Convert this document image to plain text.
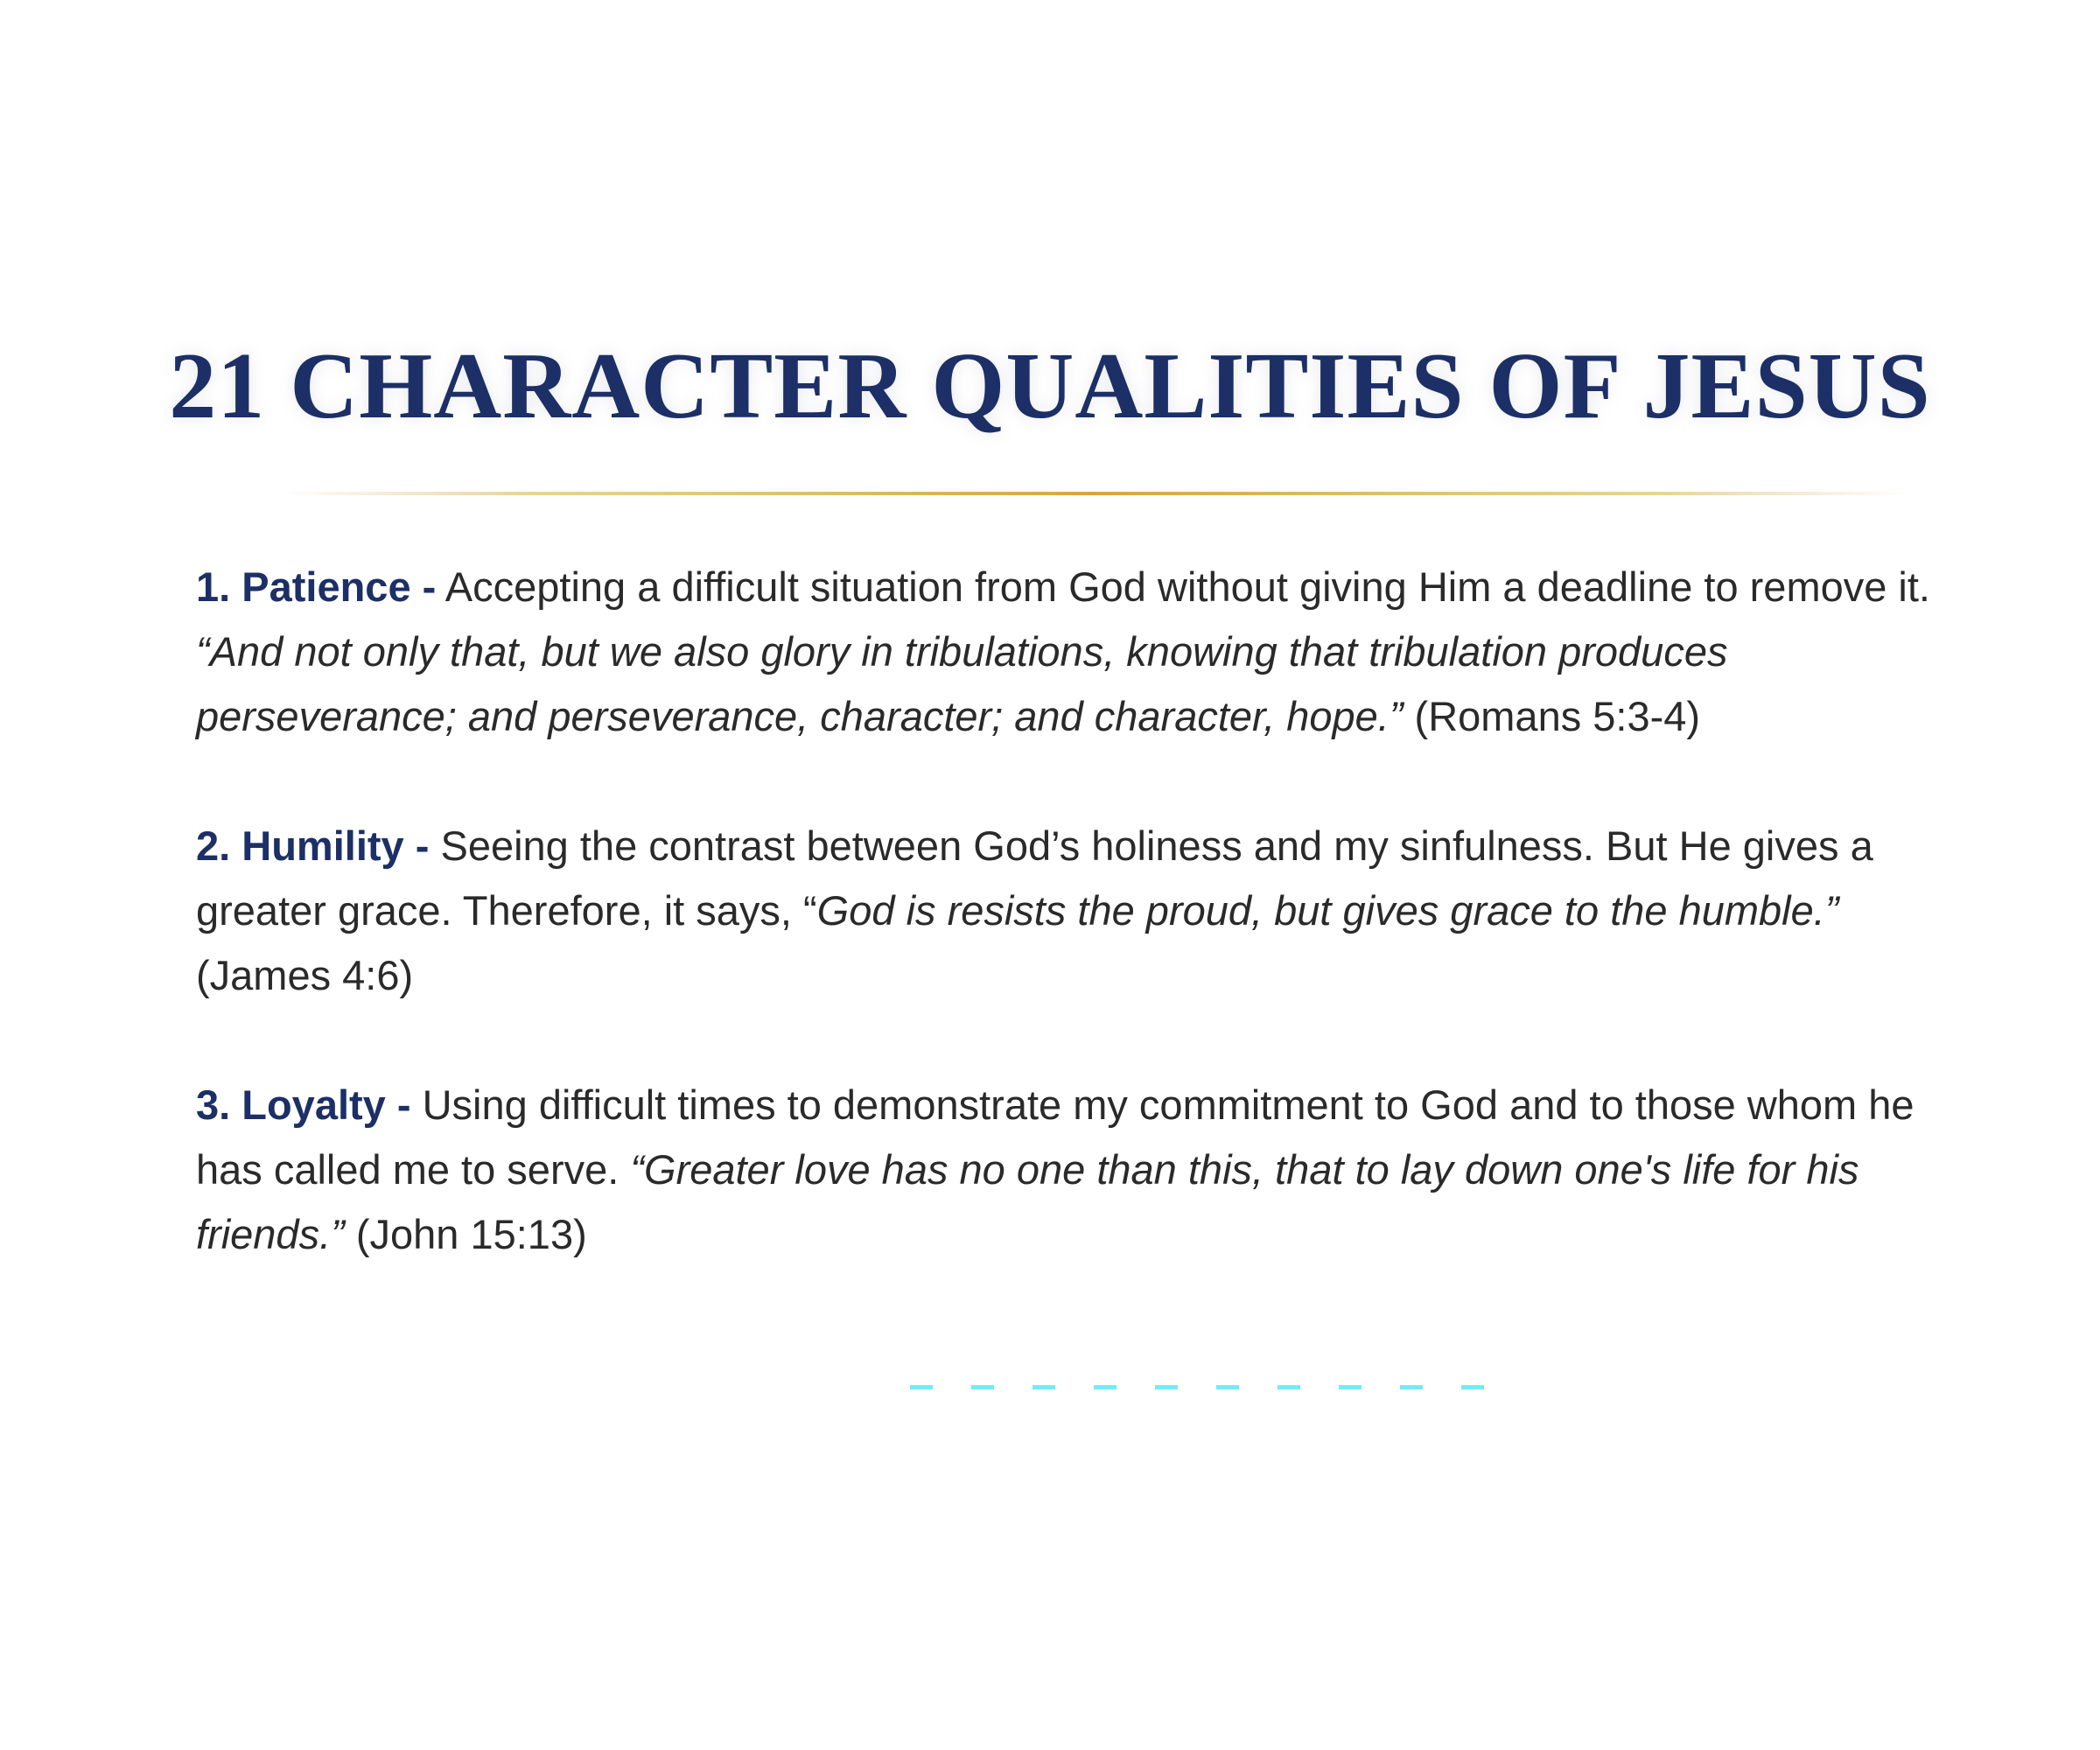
21 CHARACTER QUALITIES OF JESUS

1. Patience - Accepting a difficult situation from God without giving Him a deadline to remove it. “And not only that, but we also glory in tribulations, knowing that tribulation produces perseverance; and perseverance, character; and character, hope.” (Romans 5:3-4)

2. Humility - Seeing the contrast between God’s holiness and my sinfulness. But He gives a greater grace. Therefore, it says, “God is resists the proud, but gives grace to the humble.” (James 4:6)

3. Loyalty - Using difficult times to demonstrate my commitment to God and to those whom he has called me to serve. “Greater love has no one than this, that to lay down one's life for his friends.” (John 15:13)
